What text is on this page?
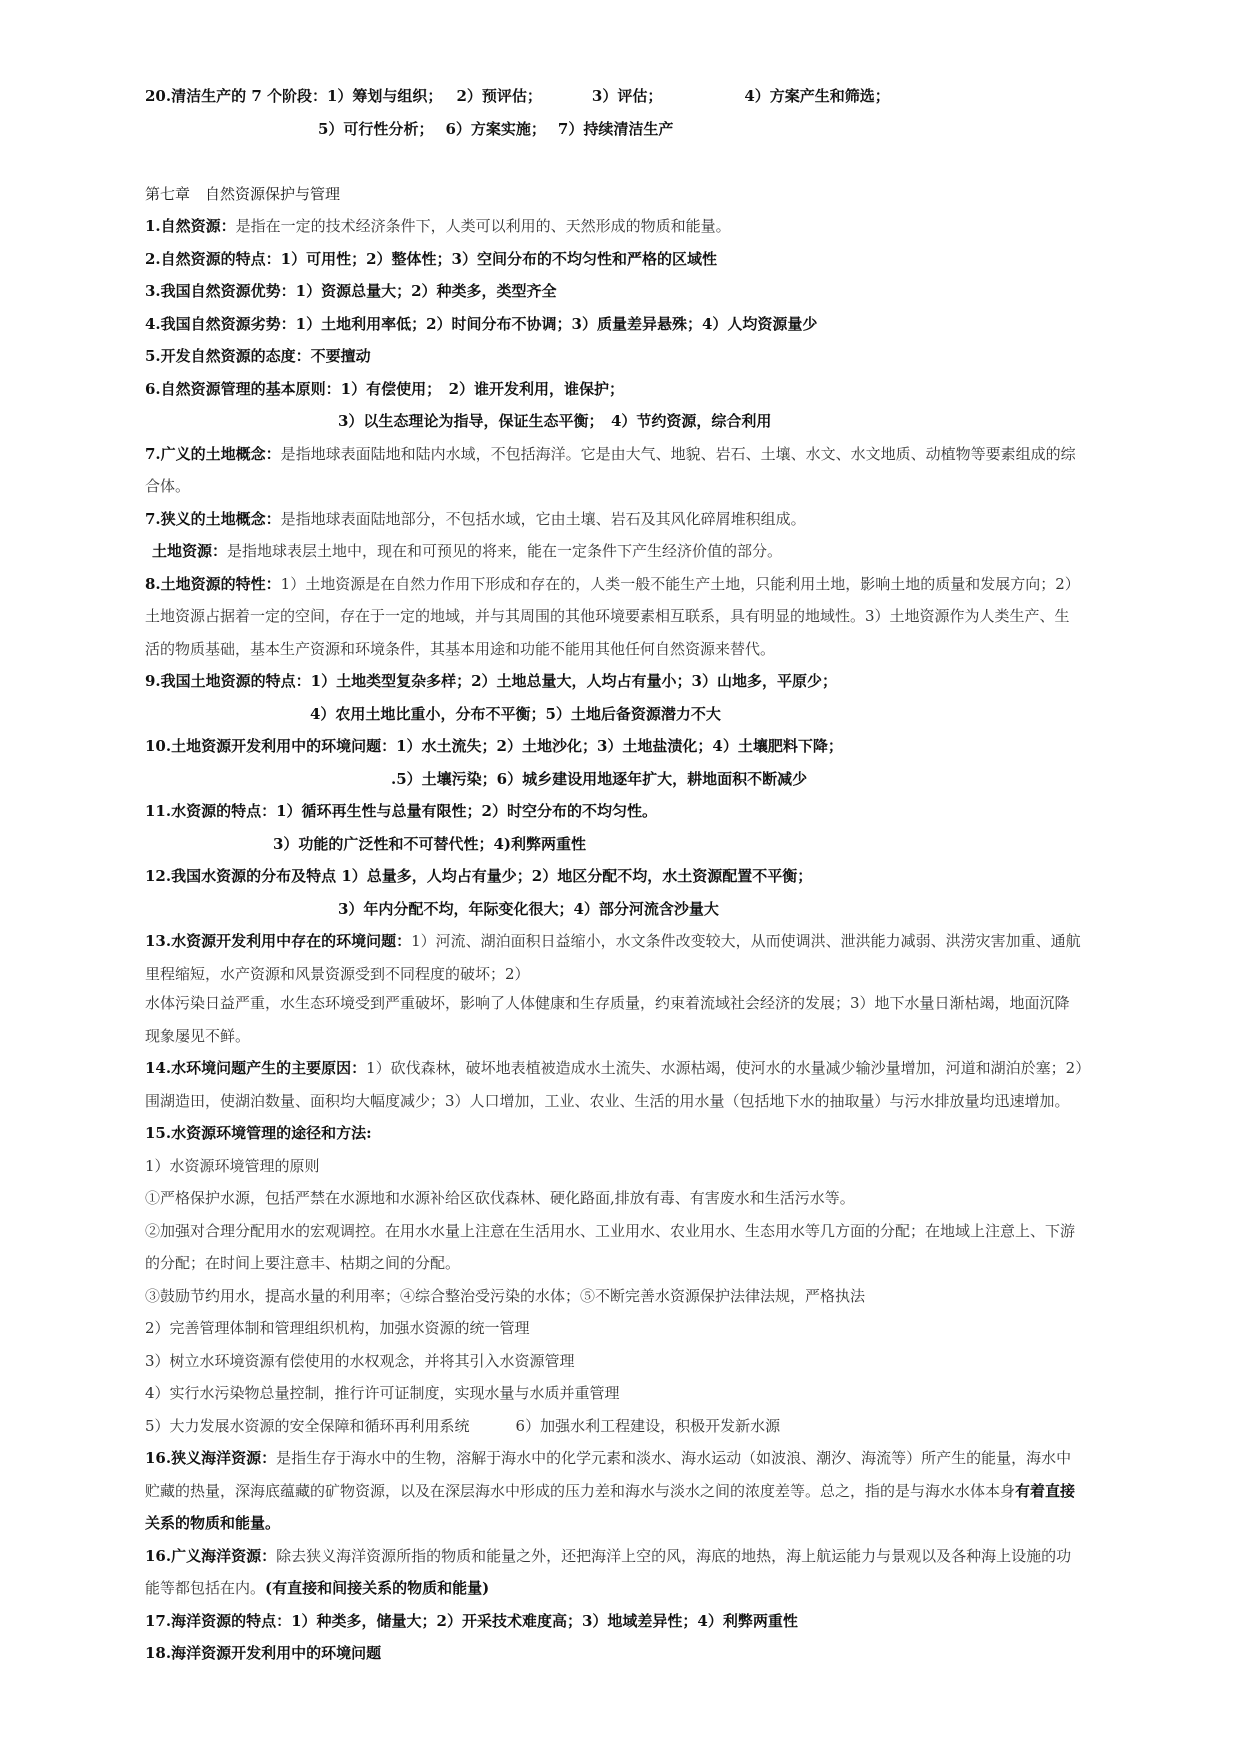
20.清洁生产的 7 个阶段：1）筹划与组织； 2）预评估；	3）评估；	4）方案产生和筛选；
5）可行性分析； 6）方案实施； 7）持续清洁生产
第七章　自然资源保护与管理
1.自然资源：是指在一定的技术经济条件下，人类可以利用的、天然形成的物质和能量。
2.自然资源的特点：1）可用性；2）整体性；3）空间分布的不均匀性和严格的区域性
3.我国自然资源优势：1）资源总量大；2）种类多，类型齐全
4.我国自然资源劣势：1）土地利用率低；2）时间分布不协调；3）质量差异悬殊；4）人均资源量少
5.开发自然资源的态度：不要擅动
6.自然资源管理的基本原则：1）有偿使用；　2）谁开发利用，谁保护；
3）以生态理论为指导，保证生态平衡；　4）节约资源，综合利用
7.广义的土地概念：是指地球表面陆地和陆内水域，不包括海洋。它是由大气、地貌、岩石、土壤、水文、水文地质、动植物等要素组成的综
合体。
7.狭义的土地概念：是指地球表面陆地部分，不包括水域，它由土壤、岩石及其风化碎屑堆积组成。
土地资源：是指地球表层土地中，现在和可预见的将来，能在一定条件下产生经济价值的部分。
8.土地资源的特性：1）土地资源是在自然力作用下形成和存在的，人类一般不能生产土地，只能利用土地，影响土地的质量和发展方向；2）
土地资源占据着一定的空间，存在于一定的地域，并与其周围的其他环境要素相互联系，具有明显的地域性。3）土地资源作为人类生产、生
活的物质基础，基本生产资源和环境条件，其基本用途和功能不能用其他任何自然资源来替代。
9.我国土地资源的特点：1）土地类型复杂多样；2）土地总量大，人均占有量小；3）山地多，平原少；
4）农用土地比重小，分布不平衡；5）土地后备资源潜力不大
10.土地资源开发利用中的环境问题：1）水土流失；2）土地沙化；3）土地盐渍化；4）土壤肥料下降；
.5）土壤污染；6）城乡建设用地逐年扩大，耕地面积不断减少
11.水资源的特点：1）循环再生性与总量有限性；2）时空分布的不均匀性。
3）功能的广泛性和不可替代性；4)利弊两重性
12.我国水资源的分布及特点 1）总量多，人均占有量少；2）地区分配不均，水土资源配置不平衡；
3）年内分配不均，年际变化很大；4）部分河流含沙量大
13.水资源开发利用中存在的环境问题：1）河流、湖泊面积日益缩小，水文条件改变较大，从而使调洪、泄洪能力减弱、洪涝灾害加重、通航
里程缩短，水产资源和风景资源受到不同程度的破坏；2）
水体污染日益严重，水生态环境受到严重破坏，影响了人体健康和生存质量，约束着流域社会经济的发展；3）地下水量日渐枯竭，地面沉降
现象屡见不鲜。
14.水环境问题产生的主要原因：1）砍伐森林，破坏地表植被造成水土流失、水源枯竭，使河水的水量减少输沙量增加，河道和湖泊於塞；2）
围湖造田，使湖泊数量、面积均大幅度减少；3）人口增加，工业、农业、生活的用水量（包括地下水的抽取量）与污水排放量均迅速增加。
15.水资源环境管理的途径和方法:
1）水资源环境管理的原则
①严格保护水源，包括严禁在水源地和水源补给区砍伐森林、硬化路面,排放有毒、有害废水和生活污水等。
②加强对合理分配用水的宏观调控。在用水水量上注意在生活用水、工业用水、农业用水、生态用水等几方面的分配；在地域上注意上、下游
的分配；在时间上要注意丰、枯期之间的分配。
③鼓励节约用水，提高水量的利用率；④综合整治受污染的水体；⑤不断完善水资源保护法律法规，严格执法
2）完善管理体制和管理组织机构，加强水资源的统一管理
3）树立水环境资源有偿使用的水权观念，并将其引入水资源管理
4）实行水污染物总量控制，推行许可证制度，实现水量与水质并重管理
5）大力发展水资源的安全保障和循环再利用系统	6）加强水利工程建设，积极开发新水源
16.狭义海洋资源：是指生存于海水中的生物，溶解于海水中的化学元素和淡水、海水运动（如波浪、潮汐、海流等）所产生的能量，海水中
贮藏的热量，深海底蕴藏的矿物资源，以及在深层海水中形成的压力差和海水与淡水之间的浓度差等。总之，指的是与海水水体本身有着直接
关系的物质和能量。
16.广义海洋资源：除去狭义海洋资源所指的物质和能量之外，还把海洋上空的风，海底的地热，海上航运能力与景观以及各种海上设施的功
能等都包括在内。(有直接和间接关系的物质和能量)
17.海洋资源的特点：1）种类多，储量大；2）开采技术难度高；3）地域差异性；4）利弊两重性
18.海洋资源开发利用中的环境问题
